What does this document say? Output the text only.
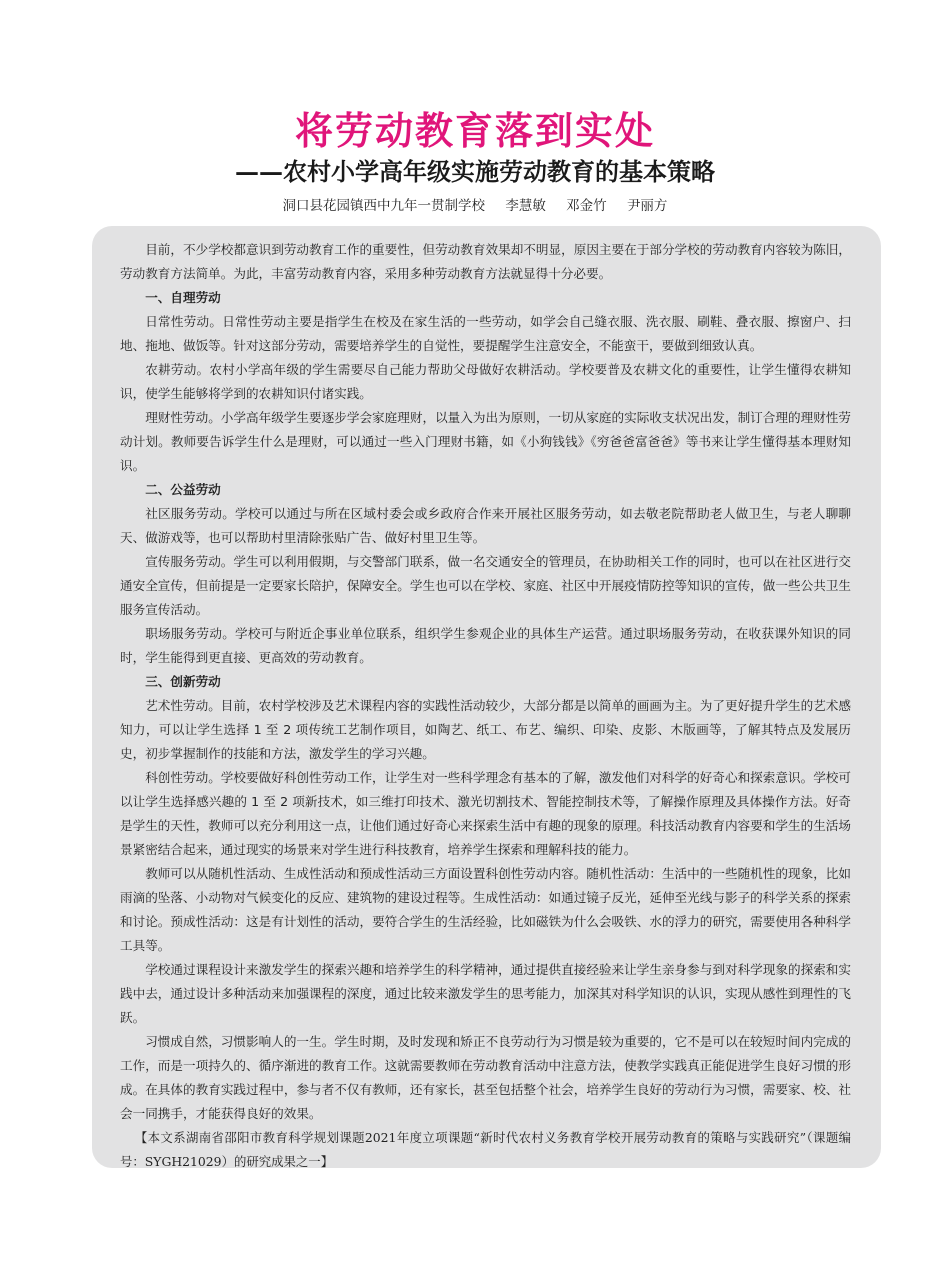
将劳动教育落到实处
——农村小学高年级实施劳动教育的基本策略
洞口县花园镇西中九年一贯制学校 李慧敏 邓金竹 尹丽方

目前，不少学校都意识到劳动教育工作的重要性，但劳动教育效果却不明显，原因主要在于部分学校的劳动教育内容较为陈旧，劳动教育方法简单。为此，丰富劳动教育内容，采用多种劳动教育方法就显得十分必要。

一、自理劳动

日常性劳动。日常性劳动主要是指学生在校及在家生活的一些劳动，如学会自己缝衣服、洗衣服、刷鞋、叠衣服、擦窗户、扫地、拖地、做饭等。针对这部分劳动，需要培养学生的自觉性，要提醒学生注意安全，不能蛮干，要做到细致认真。

农耕劳动。农村小学高年级的学生需要尽自己能力帮助父母做好农耕活动。学校要普及农耕文化的重要性，让学生懂得农耕知识，使学生能够将学到的农耕知识付诸实践。

理财性劳动。小学高年级学生要逐步学会家庭理财，以量入为出为原则，一切从家庭的实际收支状况出发，制订合理的理财性劳动计划。教师要告诉学生什么是理财，可以通过一些入门理财书籍，如《小狗钱钱》《穷爸爸富爸爸》等书来让学生懂得基本理财知识。

二、公益劳动

社区服务劳动。学校可以通过与所在区域村委会或乡政府合作来开展社区服务劳动，如去敬老院帮助老人做卫生，与老人聊聊天、做游戏等，也可以帮助村里清除张贴广告、做好村里卫生等。

宣传服务劳动。学生可以利用假期，与交警部门联系，做一名交通安全的管理员，在协助相关工作的同时，也可以在社区进行交通安全宣传，但前提是一定要家长陪护，保障安全。学生也可以在学校、家庭、社区中开展疫情防控等知识的宣传，做一些公共卫生服务宣传活动。

职场服务劳动。学校可与附近企事业单位联系，组织学生参观企业的具体生产运营。通过职场服务劳动，在收获课外知识的同时，学生能得到更直接、更高效的劳动教育。

三、创新劳动

艺术性劳动。目前，农村学校涉及艺术课程内容的实践性活动较少，大部分都是以简单的画画为主。为了更好提升学生的艺术感知力，可以让学生选择 1 至 2 项传统工艺制作项目，如陶艺、纸工、布艺、编织、印染、皮影、木版画等，了解其特点及发展历史，初步掌握制作的技能和方法，激发学生的学习兴趣。

科创性劳动。学校要做好科创性劳动工作，让学生对一些科学理念有基本的了解，激发他们对科学的好奇心和探索意识。学校可以让学生选择感兴趣的 1 至 2 项新技术，如三维打印技术、激光切割技术、智能控制技术等，了解操作原理及具体操作方法。好奇是学生的天性，教师可以充分利用这一点，让他们通过好奇心来探索生活中有趣的现象的原理。科技活动教育内容要和学生的生活场景紧密结合起来，通过现实的场景来对学生进行科技教育，培养学生探索和理解科技的能力。

教师可以从随机性活动、生成性活动和预成性活动三方面设置科创性劳动内容。随机性活动：生活中的一些随机性的现象，比如雨滴的坠落、小动物对气候变化的反应、建筑物的建设过程等。生成性活动：如通过镜子反光，延伸至光线与影子的科学关系的探索和讨论。预成性活动：这是有计划性的活动，要符合学生的生活经验，比如磁铁为什么会吸铁、水的浮力的研究，需要使用各种科学工具等。

学校通过课程设计来激发学生的探索兴趣和培养学生的科学精神，通过提供直接经验来让学生亲身参与到对科学现象的探索和实践中去，通过设计多种活动来加强课程的深度，通过比较来激发学生的思考能力，加深其对科学知识的认识，实现从感性到理性的飞跃。

习惯成自然，习惯影响人的一生。学生时期，及时发现和矫正不良劳动行为习惯是较为重要的，它不是可以在较短时间内完成的工作，而是一项持久的、循序渐进的教育工作。这就需要教师在劳动教育活动中注意方法，使教学实践真正能促进学生良好习惯的形成。在具体的教育实践过程中，参与者不仅有教师，还有家长，甚至包括整个社会，培养学生良好的劳动行为习惯，需要家、校、社会一同携手，才能获得良好的效果。

【本文系湖南省邵阳市教育科学规划课题2021年度立项课题“新时代农村义务教育学校开展劳动教育的策略与实践研究”（课题编号：SYGH21029）的研究成果之一】
